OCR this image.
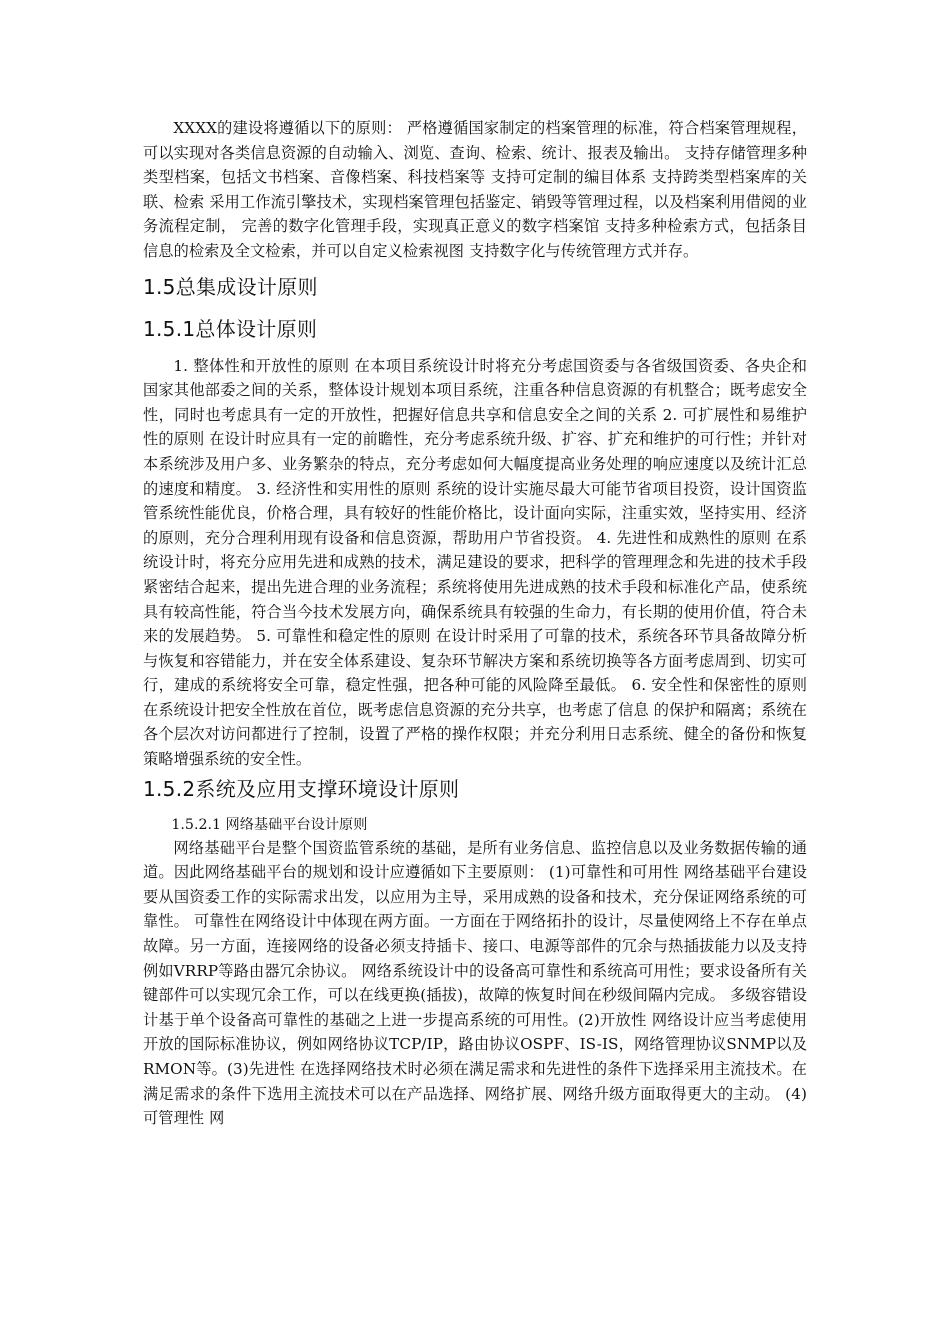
XXXX的建设将遵循以下的原则： 严格遵循国家制定的档案管理的标准，符合档案管理规程，可以实现对各类信息资源的自动输入、浏览、查询、检索、统计、报表及输出。 支持存储管理多种类型档案，包括文书档案、音像档案、科技档案等 支持可定制的编目体系 支持跨类型档案库的关联、检索 采用工作流引擎技术，实现档案管理包括鉴定、销毁等管理过程，以及档案利用借阅的业务流程定制， 完善的数字化管理手段，实现真正意义的数字档案馆 支持多种检索方式，包括条目信息的检索及全文检索，并可以自定义检索视图 支持数字化与传统管理方式并存。

1.5总集成设计原则
1.5.1总体设计原则

1. 整体性和开放性的原则 在本项目系统设计时将充分考虑国资委与各省级国资委、各央企和国家其他部委之间的关系，整体设计规划本项目系统，注重各种信息资源的有机整合；既考虑安全性，同时也考虑具有一定的开放性，把握好信息共享和信息安全之间的关系 2. 可扩展性和易维护性的原则 在设计时应具有一定的前瞻性，充分考虑系统升级、扩容、扩充和维护的可行性；并针对本系统涉及用户多、业务繁杂的特点，充分考虑如何大幅度提高业务处理的响应速度以及统计汇总的速度和精度。 3. 经济性和实用性的原则 系统的设计实施尽最大可能节省项目投资，设计国资监管系统性能优良，价格合理，具有较好的性能价格比，设计面向实际，注重实效，坚持实用、经济的原则，充分合理利用现有设备和信息资源，帮助用户节省投资。 4. 先进性和成熟性的原则 在系统设计时，将充分应用先进和成熟的技术，满足建设的要求，把科学的管理理念和先进的技术手段紧密结合起来，提出先进合理的业务流程；系统将使用先进成熟的技术手段和标准化产品，使系统具有较高性能，符合当今技术发展方向，确保系统具有较强的生命力，有长期的使用价值，符合未来的发展趋势。 5. 可靠性和稳定性的原则 在设计时采用了可靠的技术，系统各环节具备故障分析与恢复和容错能力，并在安全体系建设、复杂环节解决方案和系统切换等各方面考虑周到、切实可行，建成的系统将安全可靠，稳定性强，把各种可能的风险降至最低。 6. 安全性和保密性的原则 在系统设计把安全性放在首位，既考虑信息资源的充分共享，也考虑了信息 的保护和隔离；系统在各个层次对访问都进行了控制，设置了严格的操作权限；并充分利用日志系统、健全的备份和恢复策略增强系统的安全性。

1.5.2系统及应用支撑环境设计原则

1.5.2.1 网络基础平台设计原则

网络基础平台是整个国资监管系统的基础，是所有业务信息、监控信息以及业务数据传输的通道。因此网络基础平台的规划和设计应遵循如下主要原则： (1)可靠性和可用性 网络基础平台建设要从国资委工作的实际需求出发，以应用为主导，采用成熟的设备和技术，充分保证网络系统的可靠性。 可靠性在网络设计中体现在两方面。一方面在于网络拓扑的设计，尽量使网络上不存在单点故障。另一方面，连接网络的设备必须支持插卡、接口、电源等部件的冗余与热插拔能力以及支持例如VRRP等路由器冗余协议。 网络系统设计中的设备高可靠性和系统高可用性；要求设备所有关键部件可以实现冗余工作，可以在线更换(插拔)，故障的恢复时间在秒级间隔内完成。 多级容错设计基于单个设备高可靠性的基础之上进一步提高系统的可用性。(2)开放性 网络设计应当考虑使用开放的国际标准协议，例如网络协议TCP/IP，路由协议OSPF、IS-IS，网络管理协议SNMP以及RMON等。(3)先进性 在选择网络技术时必须在满足需求和先进性的条件下选择采用主流技术。在满足需求的条件下选用主流技术可以在产品选择、网络扩展、网络升级方面取得更大的主动。 (4)可管理性 网
